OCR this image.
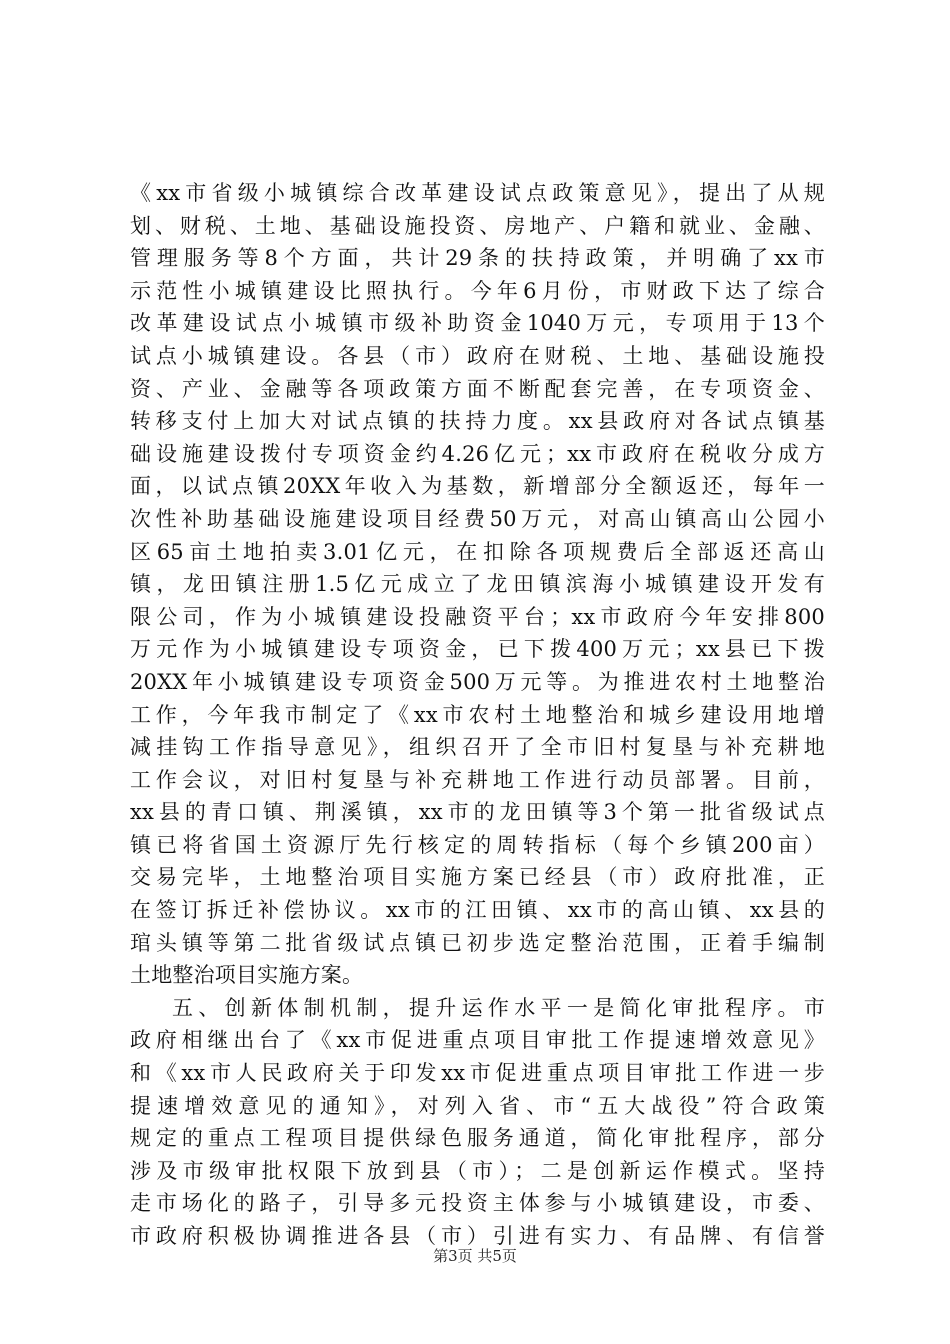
《xx市省级小城镇综合改革建设试点政策意见》，提出了从规
划、财税、土地、基础设施投资、房地产、户籍和就业、金融、
管理服务等8个方面，共计29条的扶持政策，并明确了xx市
示范性小城镇建设比照执行。今年6月份，市财政下达了综合
改革建设试点小城镇市级补助资金1040万元，专项用于13个
试点小城镇建设。各县（市）政府在财税、土地、基础设施投
资、产业、金融等各项政策方面不断配套完善，在专项资金、
转移支付上加大对试点镇的扶持力度。xx县政府对各试点镇基
础设施建设拨付专项资金约4.26亿元；xx市政府在税收分成方
面，以试点镇20XX年收入为基数，新增部分全额返还，每年一
次性补助基础设施建设项目经费50万元，对高山镇高山公园小
区65亩土地拍卖3.01亿元，在扣除各项规费后全部返还高山
镇，龙田镇注册1.5亿元成立了龙田镇滨海小城镇建设开发有
限公司，作为小城镇建设投融资平台；xx市政府今年安排800
万元作为小城镇建设专项资金，已下拨400万元；xx县已下拨
20XX年小城镇建设专项资金500万元等。为推进农村土地整治
工作，今年我市制定了《xx市农村土地整治和城乡建设用地增
减挂钩工作指导意见》，组织召开了全市旧村复垦与补充耕地
工作会议，对旧村复垦与补充耕地工作进行动员部署。目前，
xx县的青口镇、荆溪镇，xx市的龙田镇等3个第一批省级试点
镇已将省国土资源厅先行核定的周转指标（每个乡镇200亩）
交易完毕，土地整治项目实施方案已经县（市）政府批准，正
在签订拆迁补偿协议。xx市的江田镇、xx市的高山镇、xx县的
琯头镇等第二批省级试点镇已初步选定整治范围，正着手编制
土地整治项目实施方案。
五、创新体制机制，提升运作水平一是简化审批程序。市
政府相继出台了《xx市促进重点项目审批工作提速增效意见》
和《xx市人民政府关于印发xx市促进重点项目审批工作进一步
提速增效意见的通知》，对列入省、市“五大战役”符合政策
规定的重点工程项目提供绿色服务通道，简化审批程序，部分
涉及市级审批权限下放到县（市）；二是创新运作模式。坚持
走市场化的路子，引导多元投资主体参与小城镇建设，市委、
市政府积极协调推进各县（市）引进有实力、有品牌、有信誉
第3页 共5页
